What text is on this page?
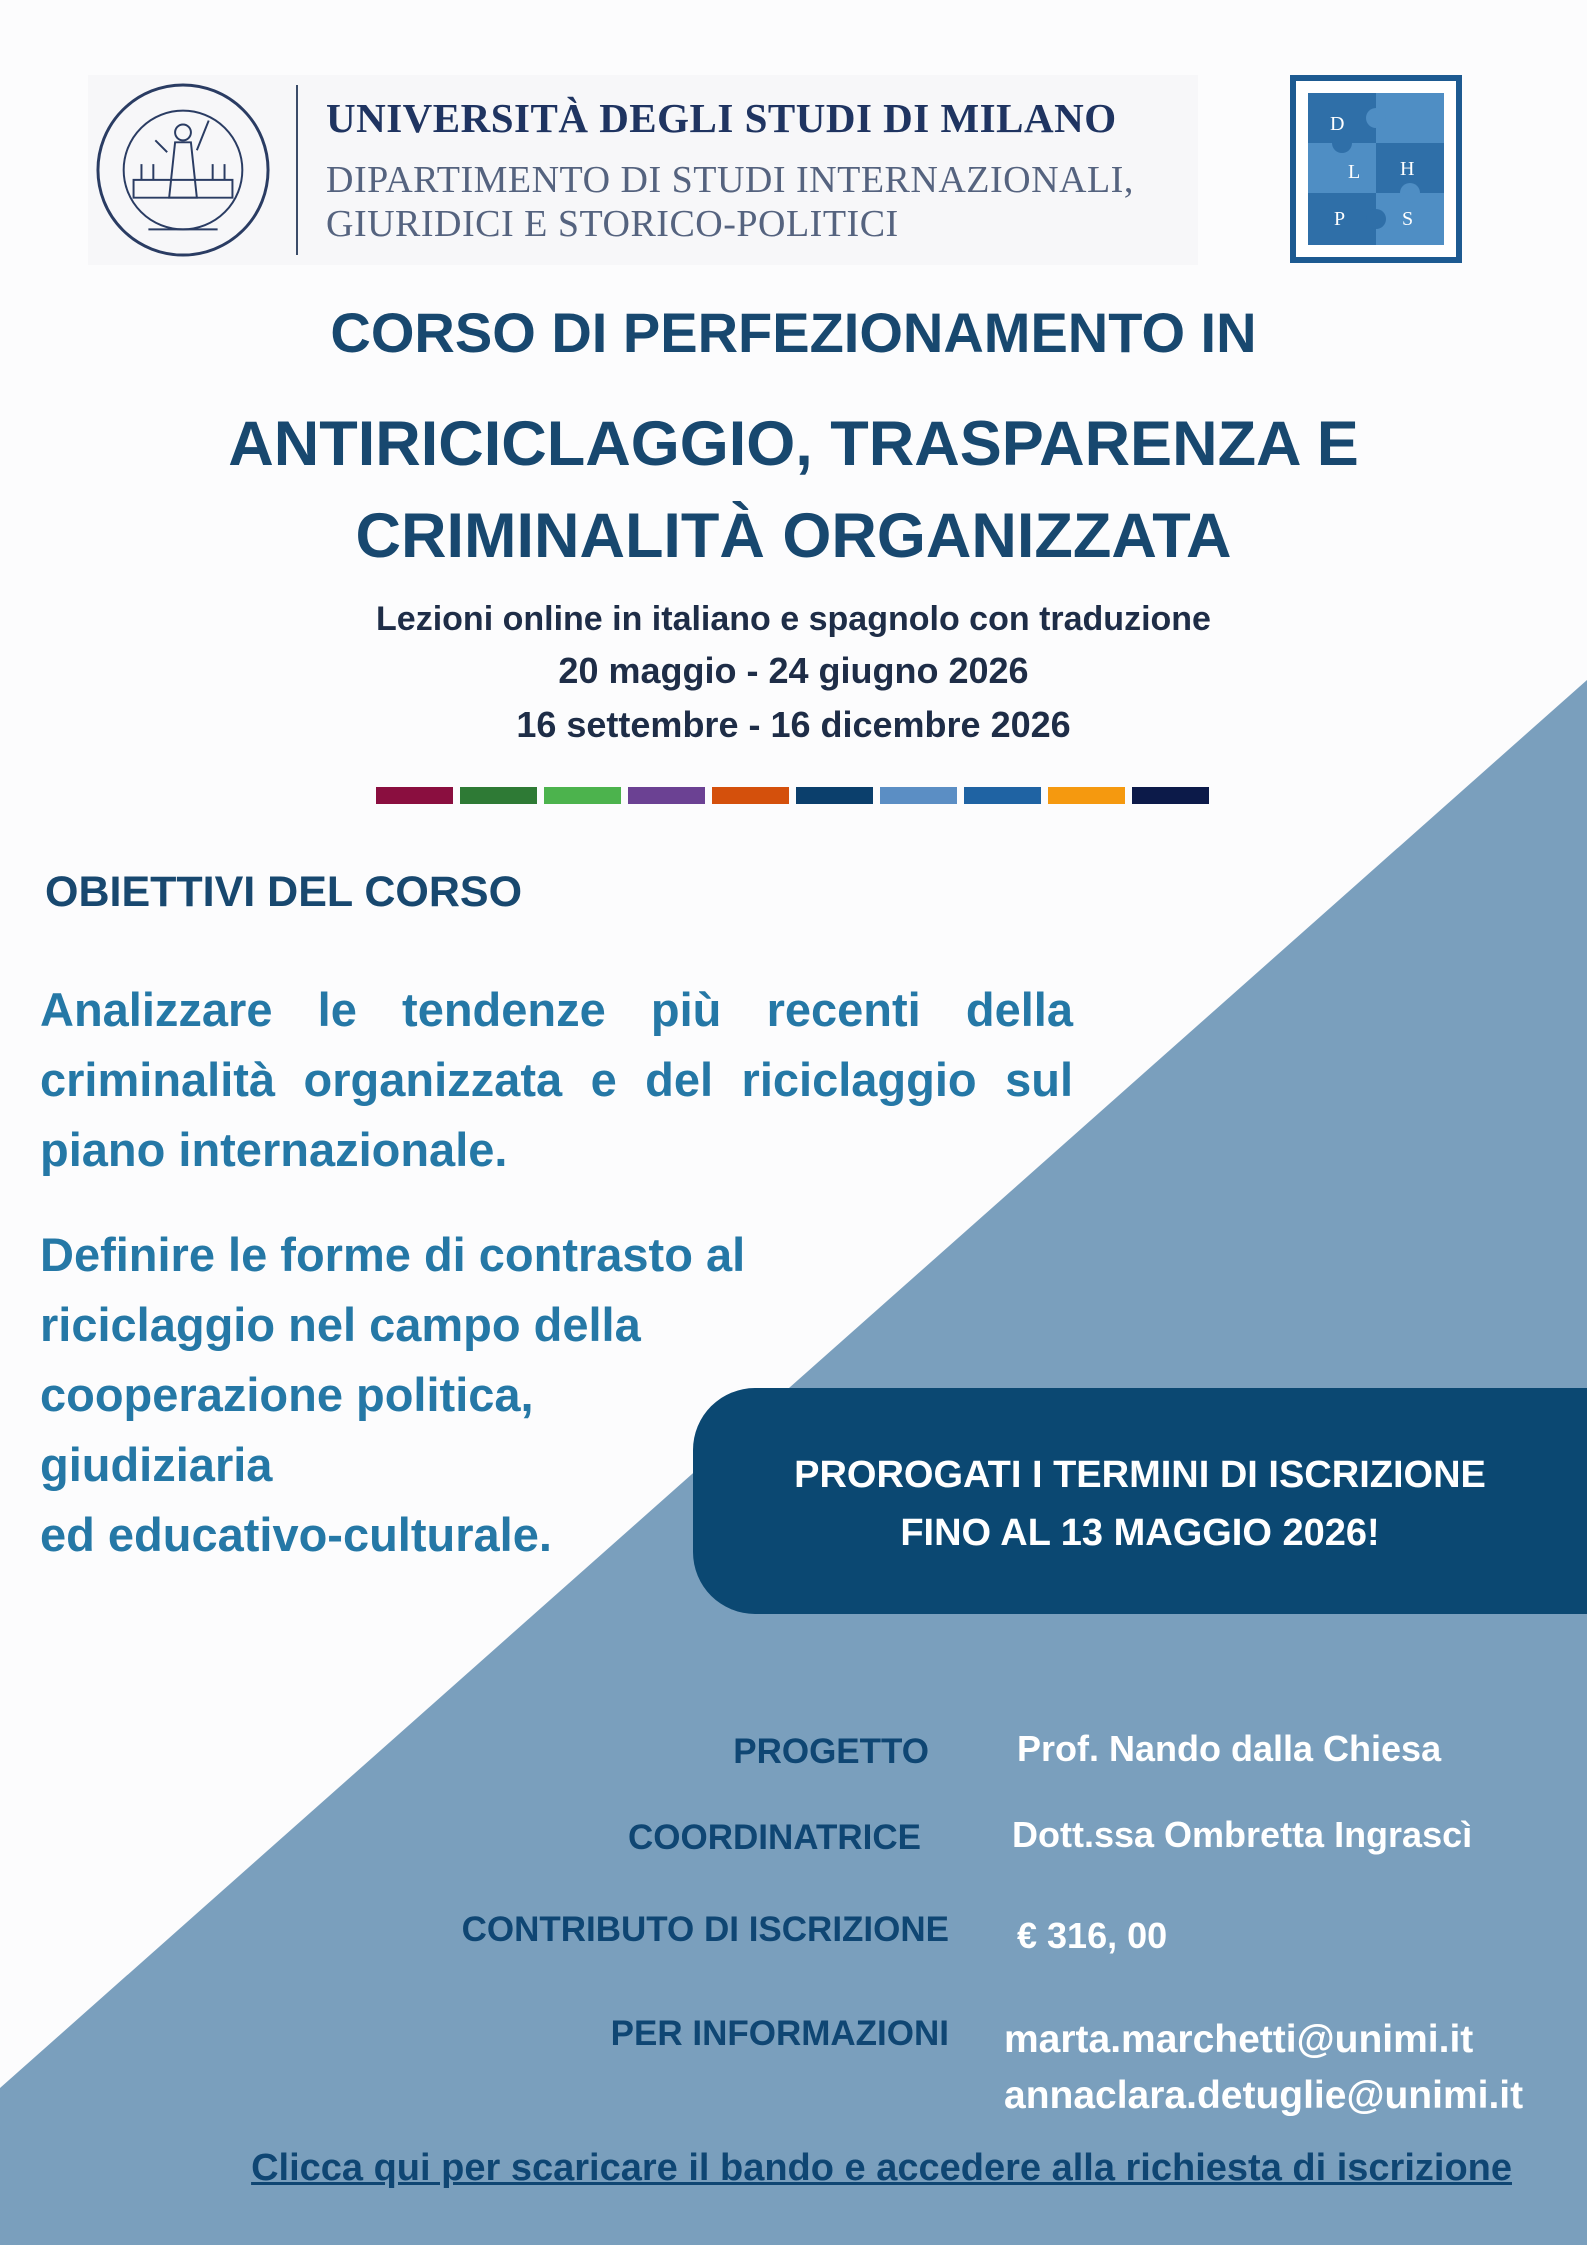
UNIVERSITÀ DEGLI STUDI DI MILANO
DIPARTIMENTO DI STUDI INTERNAZIONALI,
GIURIDICI E STORICO-POLITICI
D
L H
P	S
CORSO DI PERFEZIONAMENTO IN
ANTIRICICLAGGIO, TRASPARENZA E
CRIMINALITÀ ORGANIZZATA
Lezioni online in italiano e spagnolo con traduzione
20 maggio - 24 giugno 2026
16 settembre - 16 dicembre 2026
OBIETTIVI DEL CORSO
Analizzare le tendenze più recenti della criminalità organizzata e del riciclaggio sul piano internazionale.
Definire le forme di contrasto al
riciclaggio nel campo della
cooperazione politica,
giudiziaria
ed educativo-culturale.
PROROGATI I TERMINI DI ISCRIZIONE
FINO AL 13 MAGGIO 2026!
PROGETTO Prof. Nando dalla Chiesa
COORDINATRICE	Dott.ssa Ombretta Ingrascì
CONTRIBUTO DI ISCRIZIONE € 316, 00
PER INFORMAZIONI marta.marchetti@unimi.it
annaclara.detuglie@unimi.it
Clicca qui per scaricare il bando e accedere alla richiesta di iscrizione
